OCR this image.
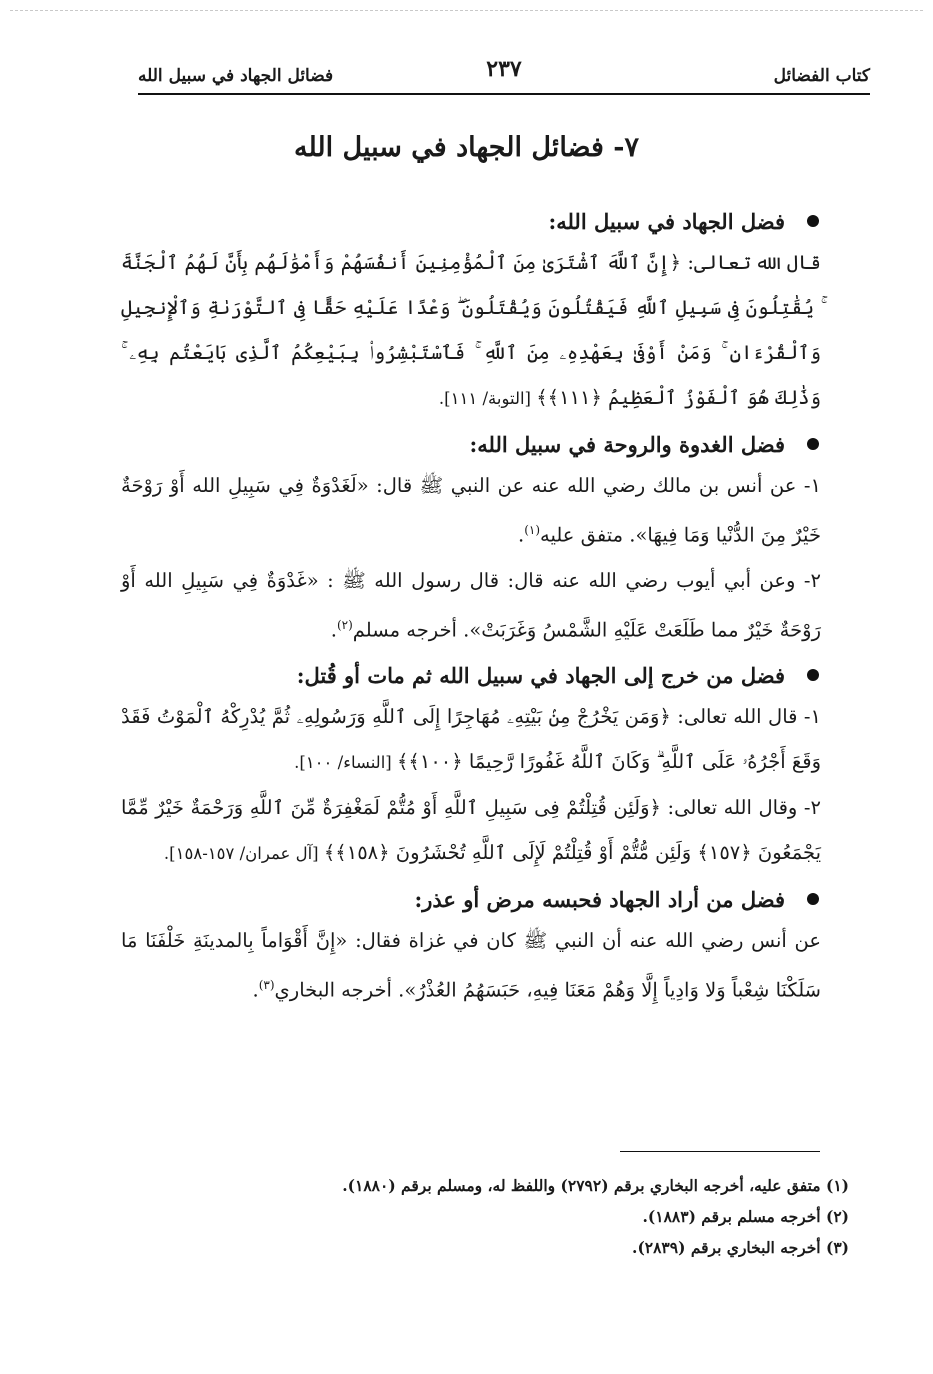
كتاب الفضائل
٢٣٧
فضائل الجهاد في سبيل الله
٧- فضائل الجهاد في سبيل الله
فضل الجهاد في سبيل الله:

قال الله تعالى: ﴿إِنَّ ٱللَّهَ ٱشْتَرَىٰ مِنَ ٱلْمُؤْمِنِينَ أَنفُسَهُمْ وَأَمْوَٰلَهُم بِأَنَّ لَهُمُ ٱلْجَنَّةَ ۚ يُقَٰتِلُونَ فِى سَبِيلِ ٱللَّهِ فَيَقْتُلُونَ وَيُقْتَلُونَ ۖ وَعْدًا عَلَيْهِ حَقًّا فِى ٱلتَّوْرَىٰةِ وَٱلْإِنجِيلِ وَٱلْقُرْءَانِ ۚ وَمَنْ أَوْفَىٰ بِعَهْدِهِۦ مِنَ ٱللَّهِ ۚ فَٱسْتَبْشِرُوا۟ بِبَيْعِكُمُ ٱلَّذِى بَايَعْتُم بِهِۦ ۚ وَذَٰلِكَ هُوَ ٱلْفَوْزُ ٱلْعَظِيمُ ﴿١١١﴾﴾ [التوبة/ ١١١].

فضل الغدوة والروحة في سبيل الله:

١- عن أنس بن مالك رضي الله عنه عن النبي ﷺ قال: «لَغَدْوَةٌ فِي سَبِيلِ الله أَوْ رَوْحَةٌ خَيْرٌ مِنَ الدُّنْيا وَمَا فِيهَا». متفق عليه$^{(١)}$.

٢- وعن أبي أيوب رضي الله عنه قال: قال رسول الله ﷺ : «غَدْوَةٌ فِي سَبِيلِ الله أَوْ رَوْحَةٌ خَيْرٌ مما طَلَعَتْ عَلَيْهِ الشَّمْسُ وَغَرَبَتْ». أخرجه مسلم$^{(٢)}$.

فضل من خرج إلى الجهاد في سبيل الله ثم مات أو قُتل:

١- قال الله تعالى: ﴿وَمَن يَخْرُجْ مِنۢ بَيْتِهِۦ مُهَاجِرًا إِلَى ٱللَّهِ وَرَسُولِهِۦ ثُمَّ يُدْرِكْهُ ٱلْمَوْتُ فَقَدْ وَقَعَ أَجْرُهُۥ عَلَى ٱللَّهِ ۗ وَكَانَ ٱللَّهُ غَفُورًا رَّحِيمًا ﴿١٠٠﴾﴾ [النساء/ ١٠٠].

٢- وقال الله تعالى: ﴿وَلَئِن قُتِلْتُمْ فِى سَبِيلِ ٱللَّهِ أَوْ مُتُّمْ لَمَغْفِرَةٌ مِّنَ ٱللَّهِ وَرَحْمَةٌ خَيْرٌ مِّمَّا يَجْمَعُونَ ﴿١٥٧﴾ وَلَئِن مُّتُّمْ أَوْ قُتِلْتُمْ لَإِلَى ٱللَّهِ تُحْشَرُونَ ﴿١٥٨﴾﴾ [آل عمران/ ١٥٧-١٥٨].

فضل من أراد الجهاد فحبسه مرض أو عذر:

عن أنس رضي الله عنه أن النبي ﷺ كان في غزاة فقال: «إِنَّ أَقْوَاماً بِالمدينَةِ خَلْفَنَا مَا سَلَكْنَا شِعْباً وَلا وَادِياً إِلَّا وَهُمْ مَعَنَا فِيهِ، حَبَسَهُمُ العُذْرُ». أخرجه البخاري$^{(٣)}$.

(١) متفق عليه، أخرجه البخاري برقم (٢٧٩٢) واللفظ له، ومسلم برقم (١٨٨٠).
(٢) أخرجه مسلم برقم (١٨٨٣).
(٣) أخرجه البخاري برقم (٢٨٣٩).
